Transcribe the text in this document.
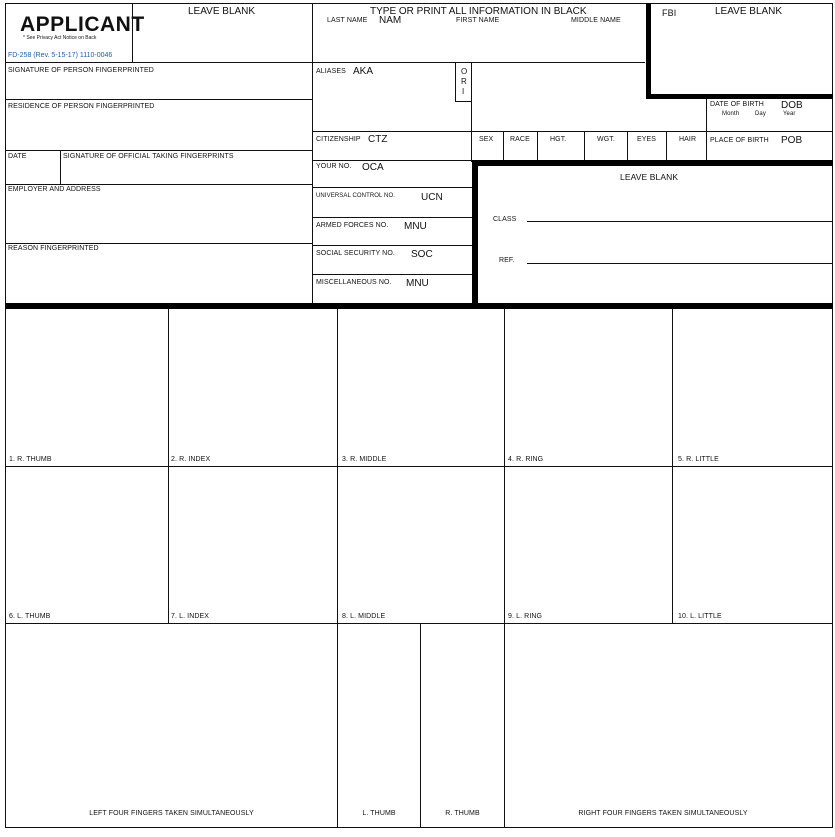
APPLICANT
* See Privacy Act Notice on Back
FD-258 (Rev. 5-15-17) 1110-0046
LEAVE BLANK	TYPE OR PRINT ALL INFORMATION IN BLACK	FBI	LEAVE BLANK
LAST NAME NAM	FIRST NAME	MIDDLE NAME
SIGNATURE OF PERSON FINGERPRINTED
RESIDENCE OF PERSON FINGERPRINTED
DATE	SIGNATURE OF OFFICIAL TAKING FINGERPRINTS
EMPLOYER AND ADDRESS
REASON FINGERPRINTED
ALIASES AKA	O
R
I
CITIZENSHIP CTZ
YOUR NO. OCA
UNIVERSAL CONTROL NO.	UCN
ARMED FORCES NO. MNU
SOCIAL SECURITY NO. SOC
MISCELLANEOUS NO. MNU
SEX RACE	HGT.	WGT.	EYES	HAIR
DATE OF BIRTH DOB
Month	Day	Year
PLACE OF BIRTH POB
LEAVE BLANK
CLASS
REF.
1. R. THUMB	2. R. INDEX	3. R. MIDDLE	4. R. RING	5. R. LITTLE
6. L. THUMB	7. L. INDEX	8. L. MIDDLE	9. L. RING	10. L. LITTLE
LEFT FOUR FINGERS TAKEN SIMULTANEOUSLY	L. THUMB	R. THUMB	RIGHT FOUR FINGERS TAKEN SIMULTANEOUSLY
